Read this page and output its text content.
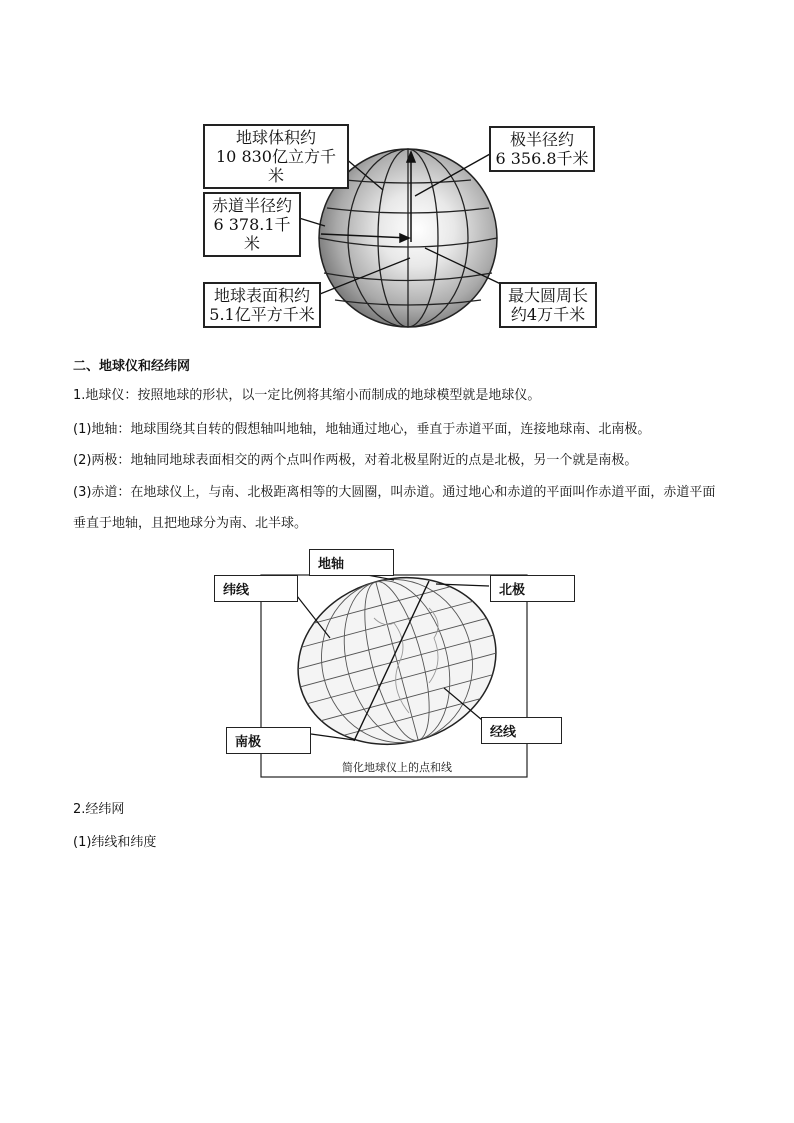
地球体积约
10 830亿立方千米
极半径约
6 356.8千米
赤道半径约
6 378.1千米
地球表面积约
5.1亿平方千米
最大圆周长
约4万千米
二、地球仪和经纬网
1.地球仪：按照地球的形状，以一定比例将其缩小而制成的地球模型就是地球仪。
(1)地轴：地球围绕其自转的假想轴叫地轴，地轴通过地心，垂直于赤道平面，连接地球南、北南极。
(2)两极：地轴同地球表面相交的两个点叫作两极，对着北极星附近的点是北极，另一个就是南极。
(3)赤道：在地球仪上，与南、北极距离相等的大圆圈，叫赤道。通过地心和赤道的平面叫作赤道平面，赤道平面垂直于地轴，且把地球分为南、北半球。
地轴
纬线	北极
南极
经线
简化地球仪上的点和线
2.经纬网
(1)纬线和纬度
